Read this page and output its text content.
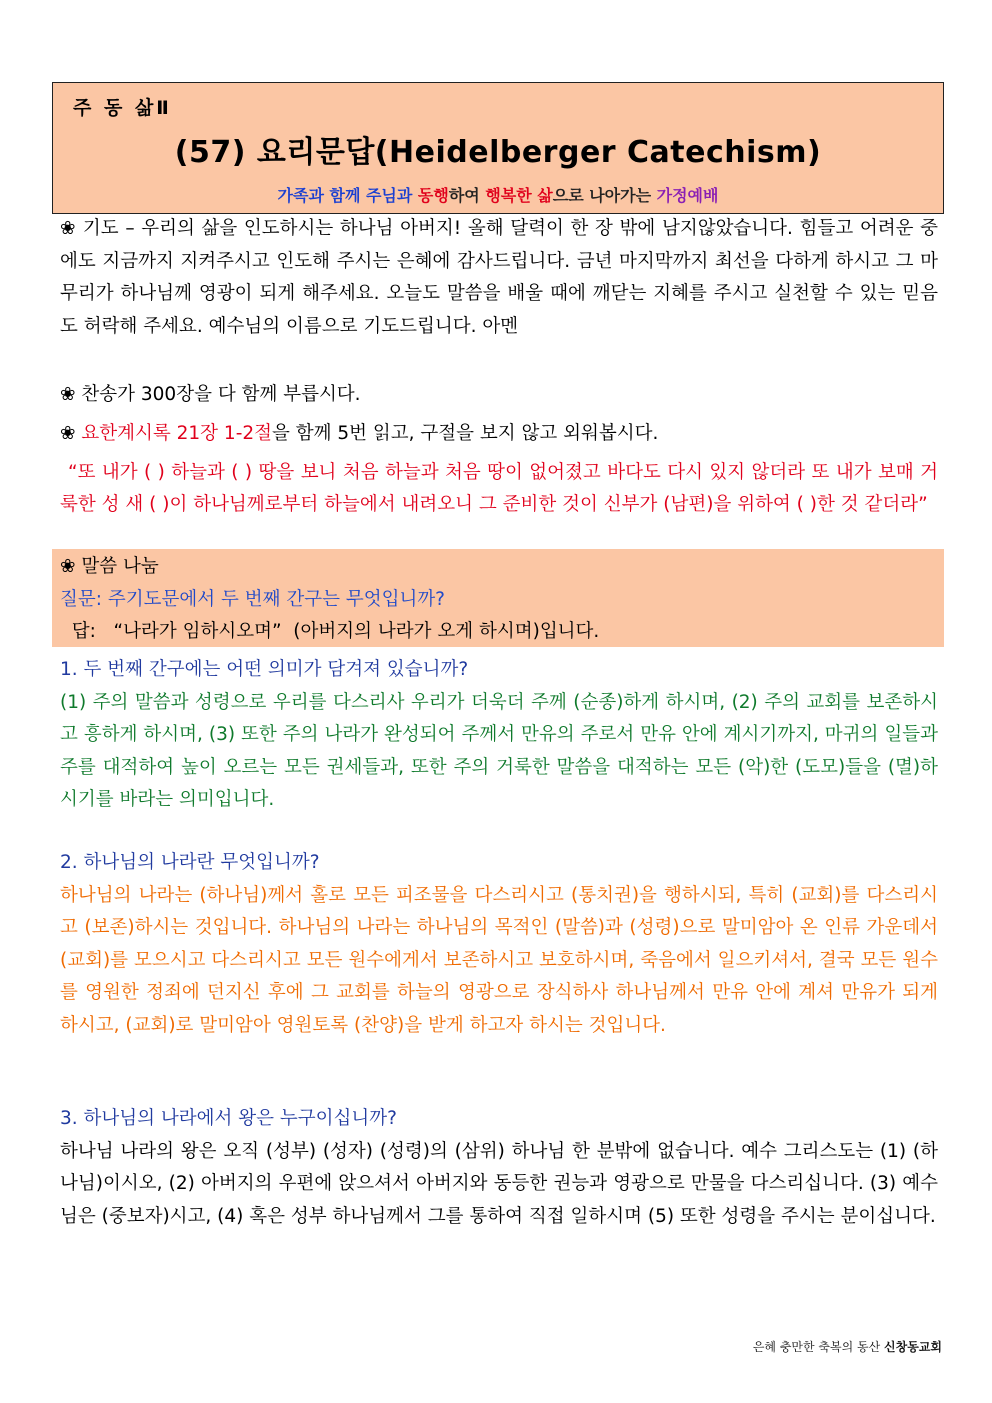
주 동 삶Ⅱ
(57) 요리문답(Heidelberger Catechism)
가족과 함께 주님과 동행하여 행복한 삶으로 나아가는 가정예배

❀ 기도 – 우리의 삶을 인도하시는 하나님 아버지! 올해 달력이 한 장 밖에 남지않았습니다. 힘들고 어려운 중에도 지금까지 지켜주시고 인도해 주시는 은혜에 감사드립니다. 금년 마지막까지 최선을 다하게 하시고 그 마무리가 하나님께 영광이 되게 해주세요. 오늘도 말씀을 배울 때에 깨닫는 지혜를 주시고 실천할 수 있는 믿음도 허락해 주세요. 예수님의 이름으로 기도드립니다. 아멘

❀ 찬송가 300장을 다 함께 부릅시다.

❀ 요한계시록 21장 1-2절을 함께 5번 읽고, 구절을 보지 않고 외워봅시다.

“또 내가 ( ) 하늘과 ( ) 땅을 보니 처음 하늘과 처음 땅이 없어졌고 바다도 다시 있지 않더라 또 내가 보매 거룩한 성 새 ( )이 하나님께로부터 하늘에서 내려오니 그 준비한 것이 신부가 (남편)을 위하여 ( )한 것 같더라”

❀ 말씀 나눔

질문: 주기도문에서 두 번째 간구는 무엇입니까?

답:   “나라가 임하시오며”  (아버지의 나라가 오게 하시며)입니다.

1. 두 번째 간구에는 어떤 의미가 담겨져 있습니까?

(1) 주의 말씀과 성령으로 우리를 다스리사 우리가 더욱더 주께 (순종)하게 하시며, (2) 주의 교회를 보존하시고 흥하게 하시며, (3) 또한 주의 나라가 완성되어 주께서 만유의 주로서 만유 안에 계시기까지, 마귀의 일들과 주를 대적하여 높이 오르는 모든 권세들과, 또한 주의 거룩한 말씀을 대적하는 모든 (악)한 (도모)들을 (멸)하시기를 바라는 의미입니다.

2. 하나님의 나라란 무엇입니까?

하나님의 나라는 (하나님)께서 홀로 모든 피조물을 다스리시고 (통치권)을 행하시되, 특히 (교회)를 다스리시고 (보존)하시는 것입니다. 하나님의 나라는 하나님의 목적인 (말씀)과 (성령)으로 말미암아 온 인류 가운데서 (교회)를 모으시고 다스리시고 모든 원수에게서 보존하시고 보호하시며, 죽음에서 일으키셔서, 결국 모든 원수를 영원한 정죄에 던지신 후에 그 교회를 하늘의 영광으로 장식하사 하나님께서 만유 안에 계셔 만유가 되게 하시고, (교회)로 말미암아 영원토록 (찬양)을 받게 하고자 하시는 것입니다.

3. 하나님의 나라에서 왕은 누구이십니까?

하나님 나라의 왕은 오직 (성부) (성자) (성령)의 (삼위) 하나님 한 분밖에 없습니다. 예수 그리스도는 (1) (하나님)이시오, (2) 아버지의 우편에 앉으셔서 아버지와 동등한 권능과 영광으로 만물을 다스리십니다. (3) 예수님은 (중보자)시고, (4) 혹은 성부 하나님께서 그를 통하여 직접 일하시며 (5) 또한 성령을 주시는 분이십니다.

은혜 충만한 축복의 동산 신창동교회
